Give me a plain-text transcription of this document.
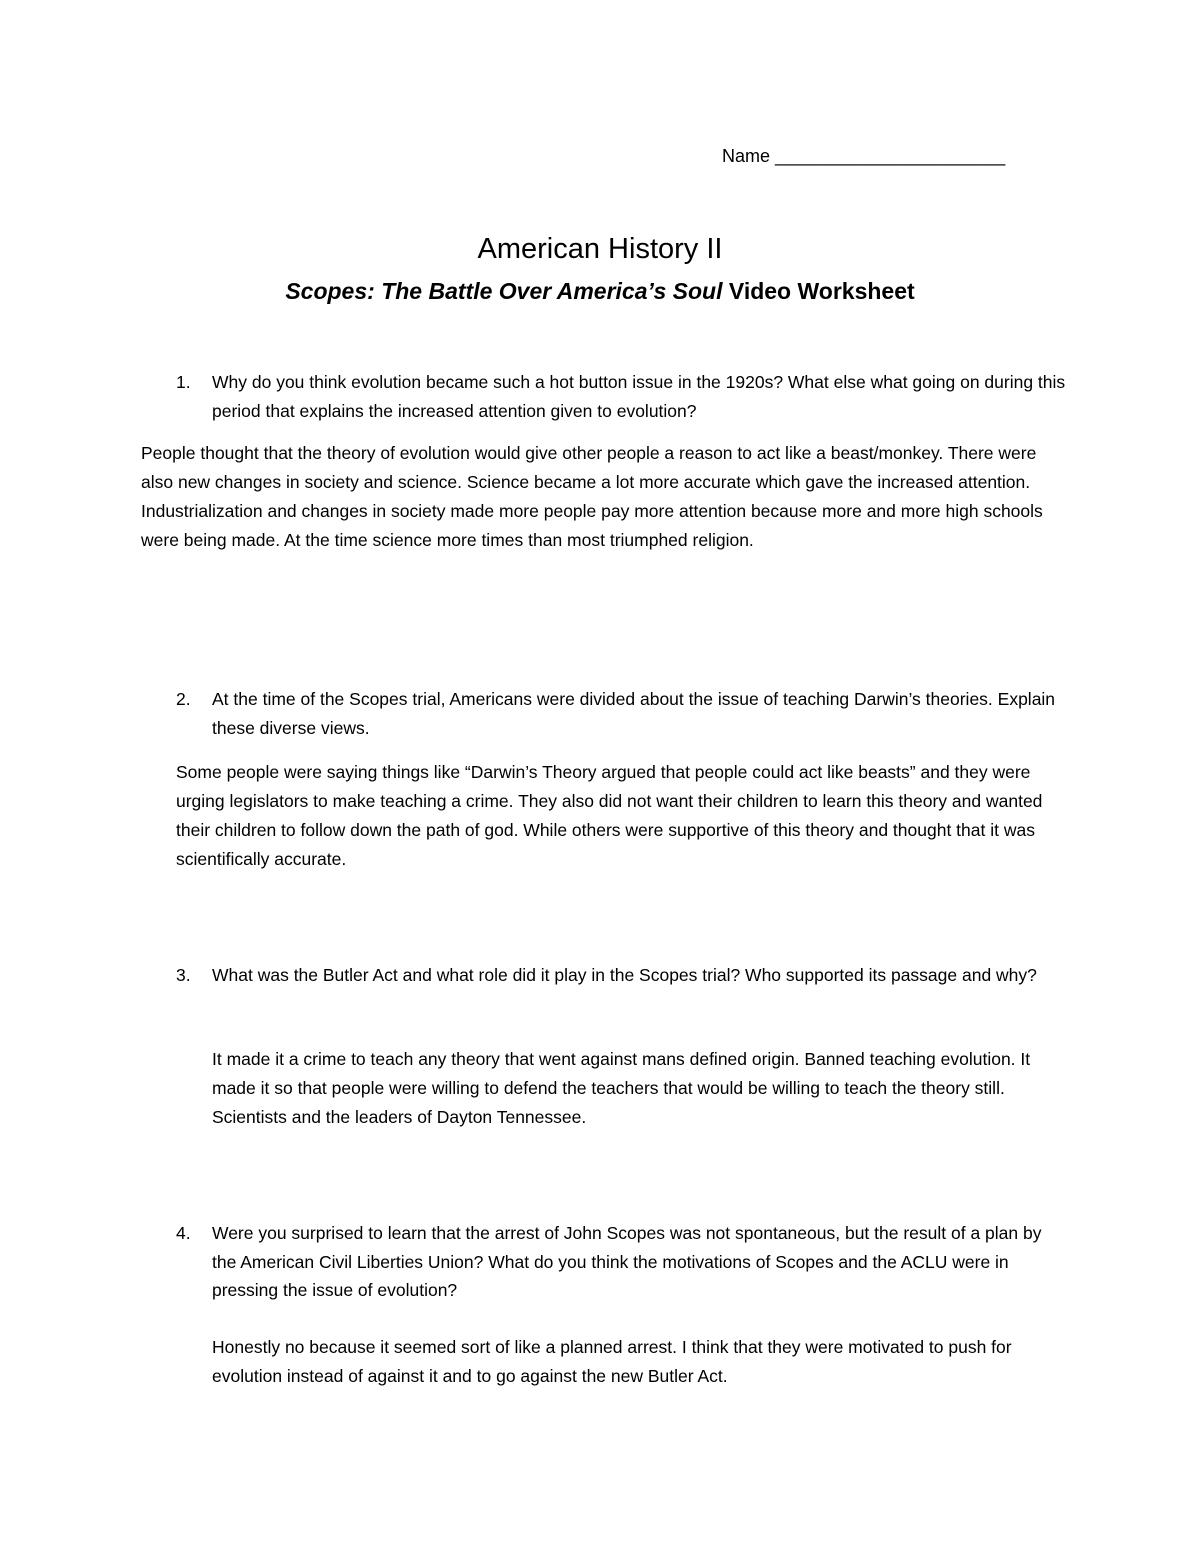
Name _______________________
American History II
Scopes: The Battle Over America’s Soul Video Worksheet
1. Why do you think evolution became such a hot button issue in the 1920s? What else what going on during this period that explains the increased attention given to evolution?
People thought that the theory of evolution would give other people a reason to act like a beast/monkey. There were also new changes in society and science. Science became a lot more accurate which gave the increased attention. Industrialization and changes in society made more people pay more attention because more and more high schools were being made. At the time science more times than most triumphed religion.
2. At the time of the Scopes trial, Americans were divided about the issue of teaching Darwin’s theories. Explain these diverse views.
Some people were saying things like “Darwin’s Theory argued that people could act like beasts” and they were urging legislators to make teaching a crime. They also did not want their children to learn this theory and wanted their children to follow down the path of god. While others were supportive of this theory and thought that it was scientifically accurate.
3. What was the Butler Act and what role did it play in the Scopes trial? Who supported its passage and why?
It made it a crime to teach any theory that went against mans defined origin. Banned teaching evolution. It made it so that people were willing to defend the teachers that would be willing to teach the theory still. Scientists and the leaders of Dayton Tennessee.
4. Were you surprised to learn that the arrest of John Scopes was not spontaneous, but the result of a plan by the American Civil Liberties Union? What do you think the motivations of Scopes and the ACLU were in pressing the issue of evolution?
Honestly no because it seemed sort of like a planned arrest. I think that they were motivated to push for evolution instead of against it and to go against the new Butler Act.
